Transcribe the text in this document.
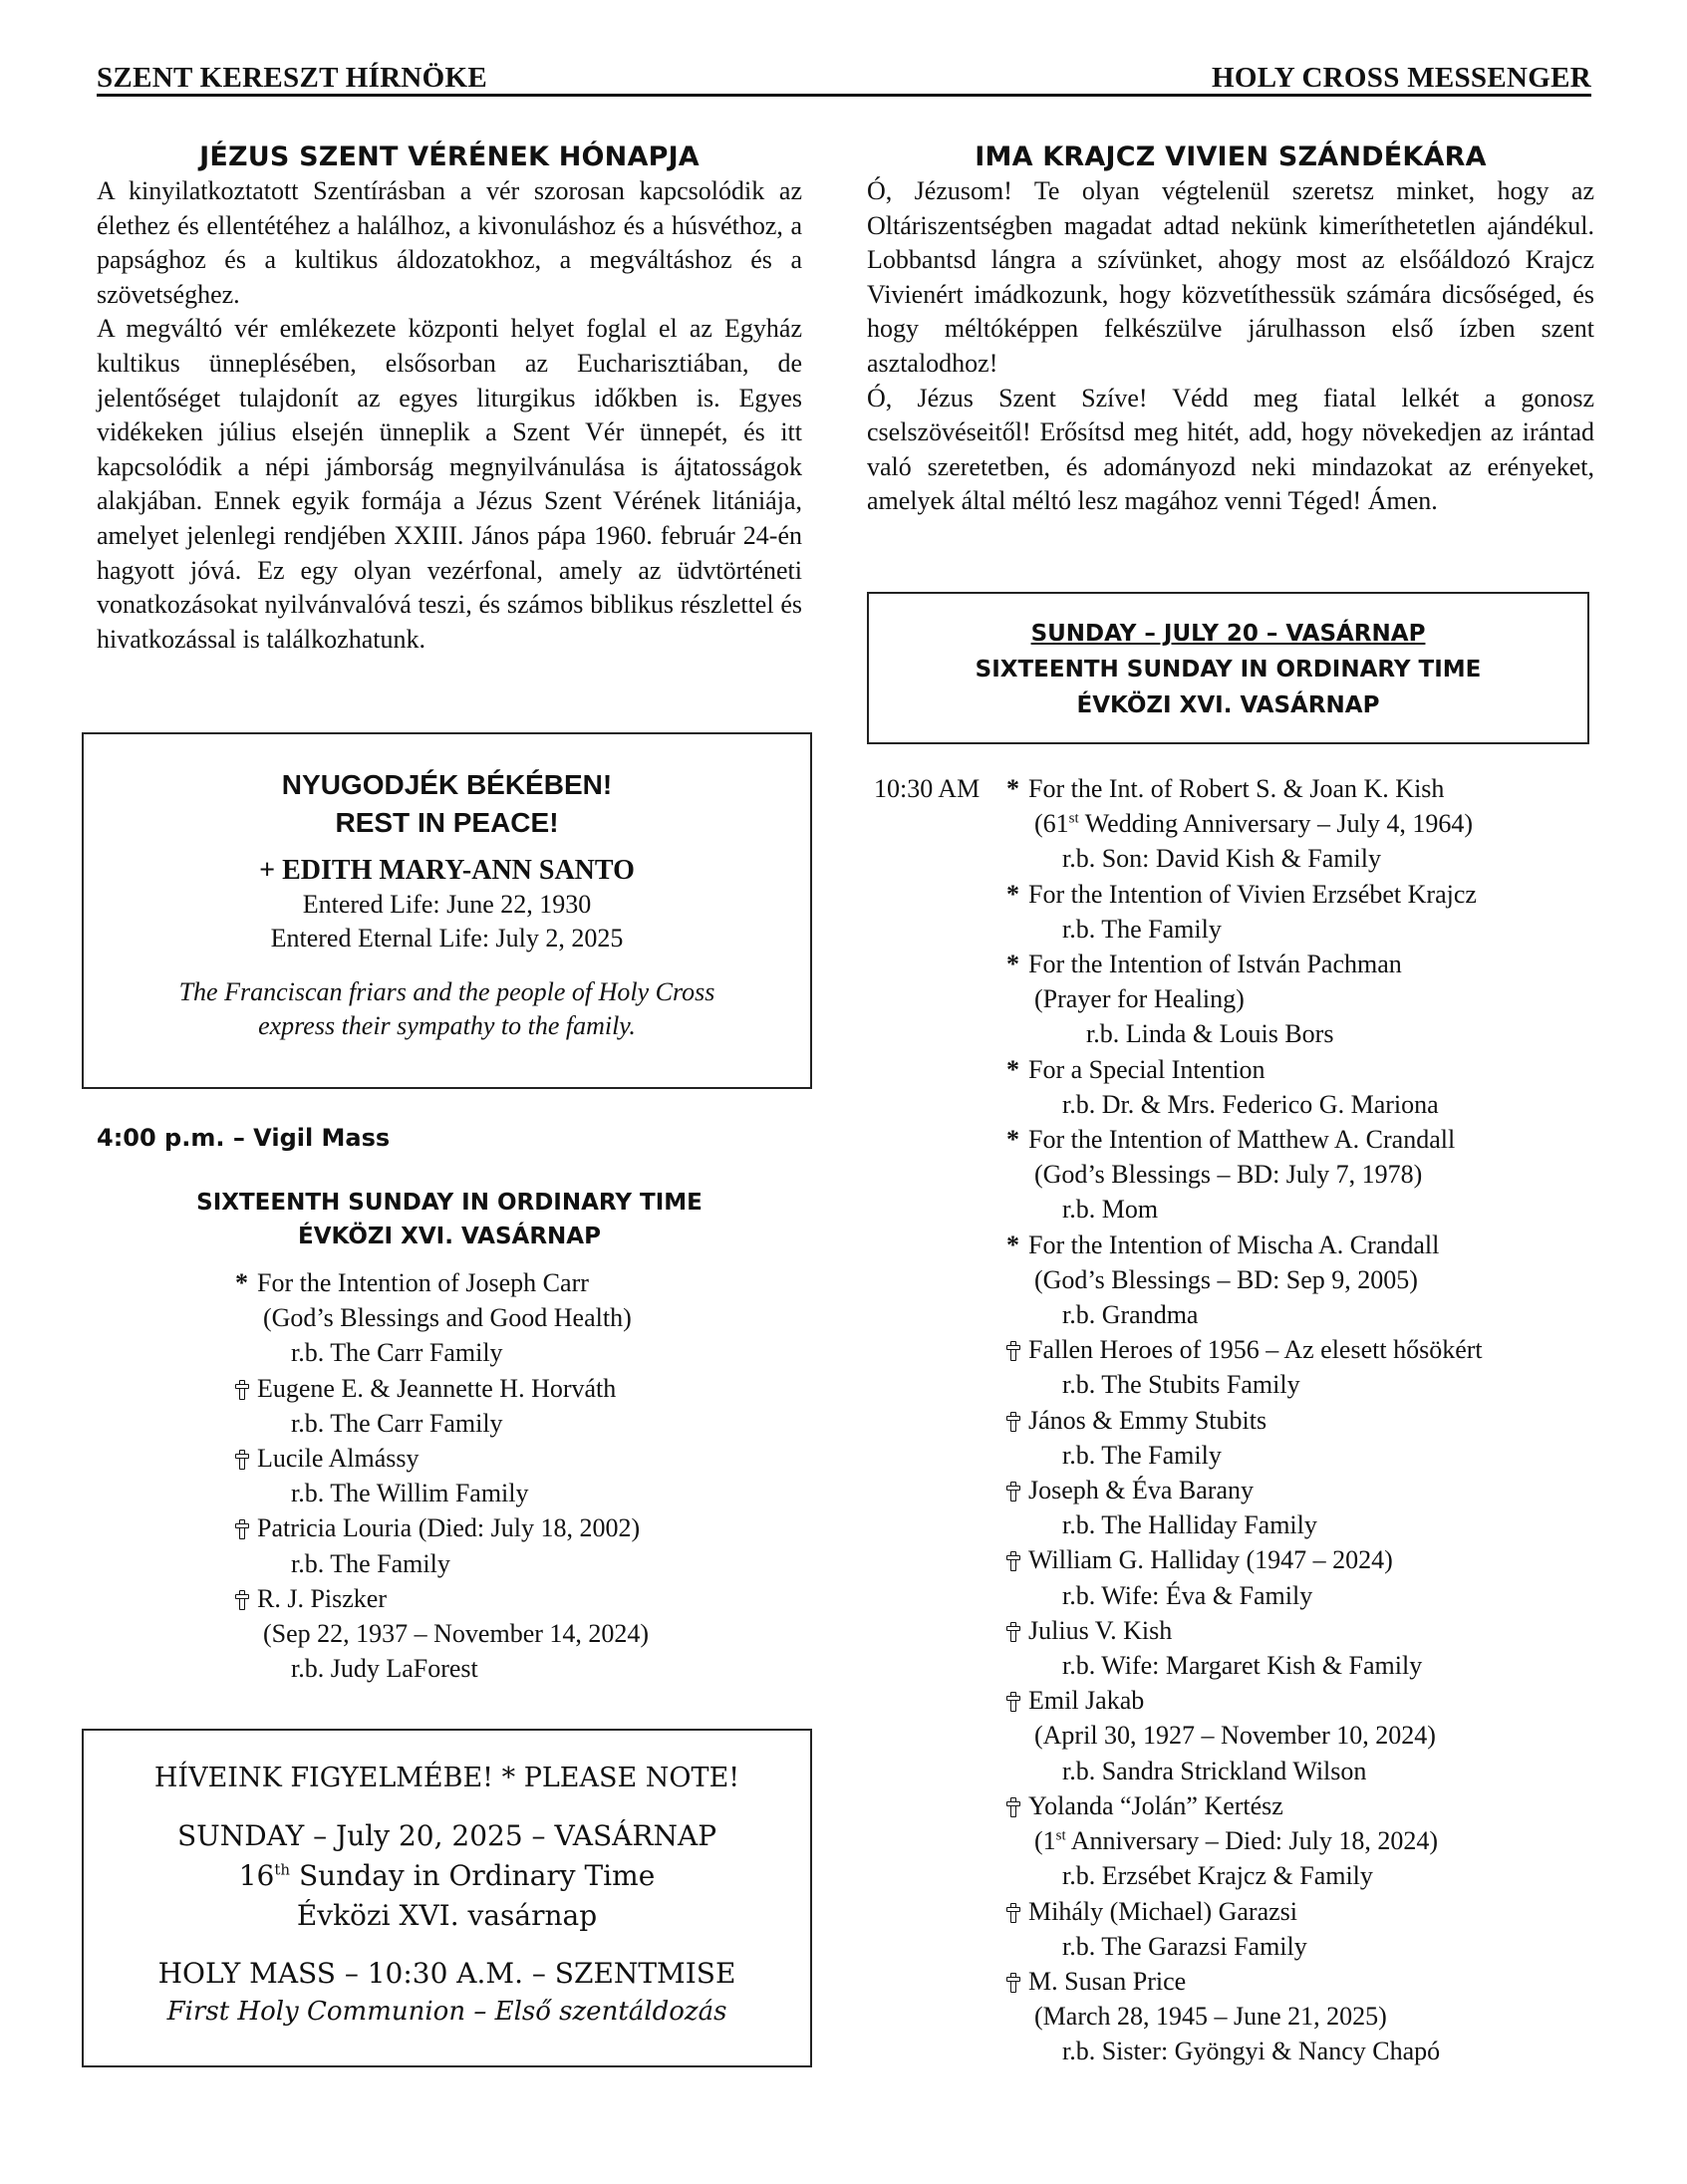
SZENT KERESZT HÍRNÖKE	HOLY CROSS MESSENGER
JÉZUS SZENT VÉRÉNEK HÓNAPJA

A kinyilatkoztatott Szentírásban a vér szorosan kapcsolódik az élethez és ellentétéhez a halálhoz, a kivonuláshoz és a húsvéthoz, a papsághoz és a kultikus áldozatokhoz, a megváltáshoz és a szövetséghez.

A megváltó vér emlékezete központi helyet foglal el az Egyház kultikus ünneplésében, elsősorban az Eucharisztiában, de jelentőséget tulajdonít az egyes liturgikus időkben is. Egyes vidékeken július elsején ünneplik a Szent Vér ünnepét, és itt kapcsolódik a népi jámborság megnyilvánulása is ájtatosságok alakjában. Ennek egyik formája a Jézus Szent Vérének litániája, amelyet jelenlegi rendjében XXIII. János pápa 1960. február 24-én hagyott jóvá. Ez egy olyan vezérfonal, amely az üdvtörténeti vonatkozásokat nyilvánvalóvá teszi, és számos biblikus részlettel és hivatkozással is találkozhatunk.

IMA KRAJCZ VIVIEN SZÁNDÉKÁRA

Ó, Jézusom! Te olyan végtelenül szeretsz minket, hogy az Oltáriszentségben magadat adtad nekünk kimeríthetetlen ajándékul. Lobbantsd lángra a szívünket, ahogy most az elsőáldozó Krajcz Vivienért imádkozunk, hogy közvetíthessük számára dicsőséged, és hogy méltóképpen felkészülve járulhasson első ízben szent asztalodhoz!

Ó, Jézus Szent Szíve! Védd meg fiatal lelkét a gonosz cselszövéseitől! Erősítsd meg hitét, add, hogy növekedjen az irántad való szeretetben, és adományozd neki mindazokat az erényeket, amelyek által méltó lesz magához venni Téged! Ámen.

NYUGODJÉK BÉKÉBEN!
REST IN PEACE!
+ EDITH MARY-ANN SANTO
Entered Life: June 22, 1930
Entered Eternal Life: July 2, 2025
The Franciscan friars and the people of Holy Cross
express their sympathy to the family.
4:00 p.m. – Vigil Mass
SIXTEENTH SUNDAY IN ORDINARY TIME
ÉVKÖZI XVI. VASÁRNAP
* For the Intention of Joseph Carr
(God’s Blessings and Good Health)
r.b. The Carr Family
Eugene E. & Jeannette H. Horváth
r.b. The Carr Family
Lucile Almássy
r.b. The Willim Family
Patricia Louria (Died: July 18, 2002)
r.b. The Family
R. J. Piszker
(Sep 22, 1937 – November 14, 2024)
r.b. Judy LaForest
HÍVEINK FIGYELMÉBE! * PLEASE NOTE!
SUNDAY – July 20, 2025 – VASÁRNAP
16th Sunday in Ordinary Time
Évközi XVI. vasárnap
HOLY MASS – 10:30 A.M. – SZENTMISE
First Holy Communion – Első szentáldozás
SUNDAY – JULY 20 – VASÁRNAP
SIXTEENTH SUNDAY IN ORDINARY TIME
ÉVKÖZI XVI. VASÁRNAP
10:30 AM * For the Int. of Robert S. & Joan K. Kish
(61st Wedding Anniversary – July 4, 1964)
r.b. Son: David Kish & Family
* For the Intention of Vivien Erzsébet Krajcz
r.b. The Family
* For the Intention of István Pachman
(Prayer for Healing)
r.b. Linda & Louis Bors
* For a Special Intention
r.b. Dr. & Mrs. Federico G. Mariona
* For the Intention of Matthew A. Crandall
(God’s Blessings – BD: July 7, 1978)
r.b. Mom
* For the Intention of Mischa A. Crandall
(God’s Blessings – BD: Sep 9, 2005)
r.b. Grandma
Fallen Heroes of 1956 – Az elesett hősökért
r.b. The Stubits Family
János & Emmy Stubits
r.b. The Family
Joseph & Éva Barany
r.b. The Halliday Family
William G. Halliday (1947 – 2024)
r.b. Wife: Éva & Family
Julius V. Kish
r.b. Wife: Margaret Kish & Family
Emil Jakab
(April 30, 1927 – November 10, 2024)
r.b. Sandra Strickland Wilson
Yolanda “Jolán” Kertész
(1st Anniversary – Died: July 18, 2024)
r.b. Erzsébet Krajcz & Family
Mihály (Michael) Garazsi
r.b. The Garazsi Family
M. Susan Price
(March 28, 1945 – June 21, 2025)
r.b. Sister: Gyöngyi & Nancy Chapó
